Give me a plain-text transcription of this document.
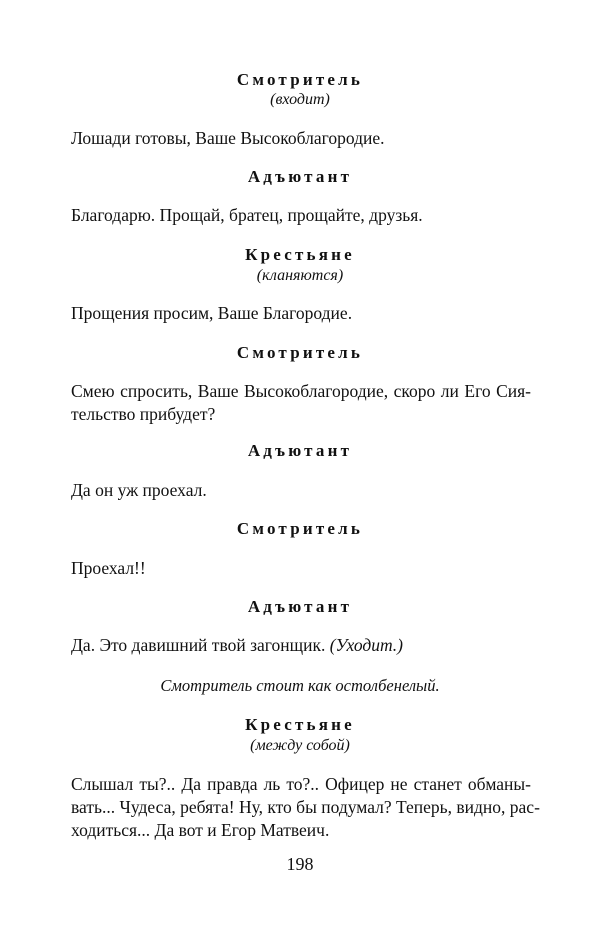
Смотритель
(входит)
Лошади готовы, Ваше Высокоблагородие.
Адъютант
Благодарю. Прощай, братец, прощайте, друзья.
Крестьяне
(кланяются)
Прощения просим, Ваше Благородие.
Смотритель
Смею спросить, Ваше Высокоблагородие, скоро ли Его Сия-
тельство прибудет?
Адъютант
Да он уж проехал.
Смотритель
Проехал!!
Адъютант
Да. Это давишний твой загонщик. (Уходит.)
Смотритель стоит как остолбенелый.
Крестьяне
(между собой)
Слышал ты?.. Да правда ль то?.. Офицер не станет обманы-
вать... Чудеса, ребята! Ну, кто бы подумал? Теперь, видно, рас-
ходиться... Да вот и Егор Матвеич.
198
